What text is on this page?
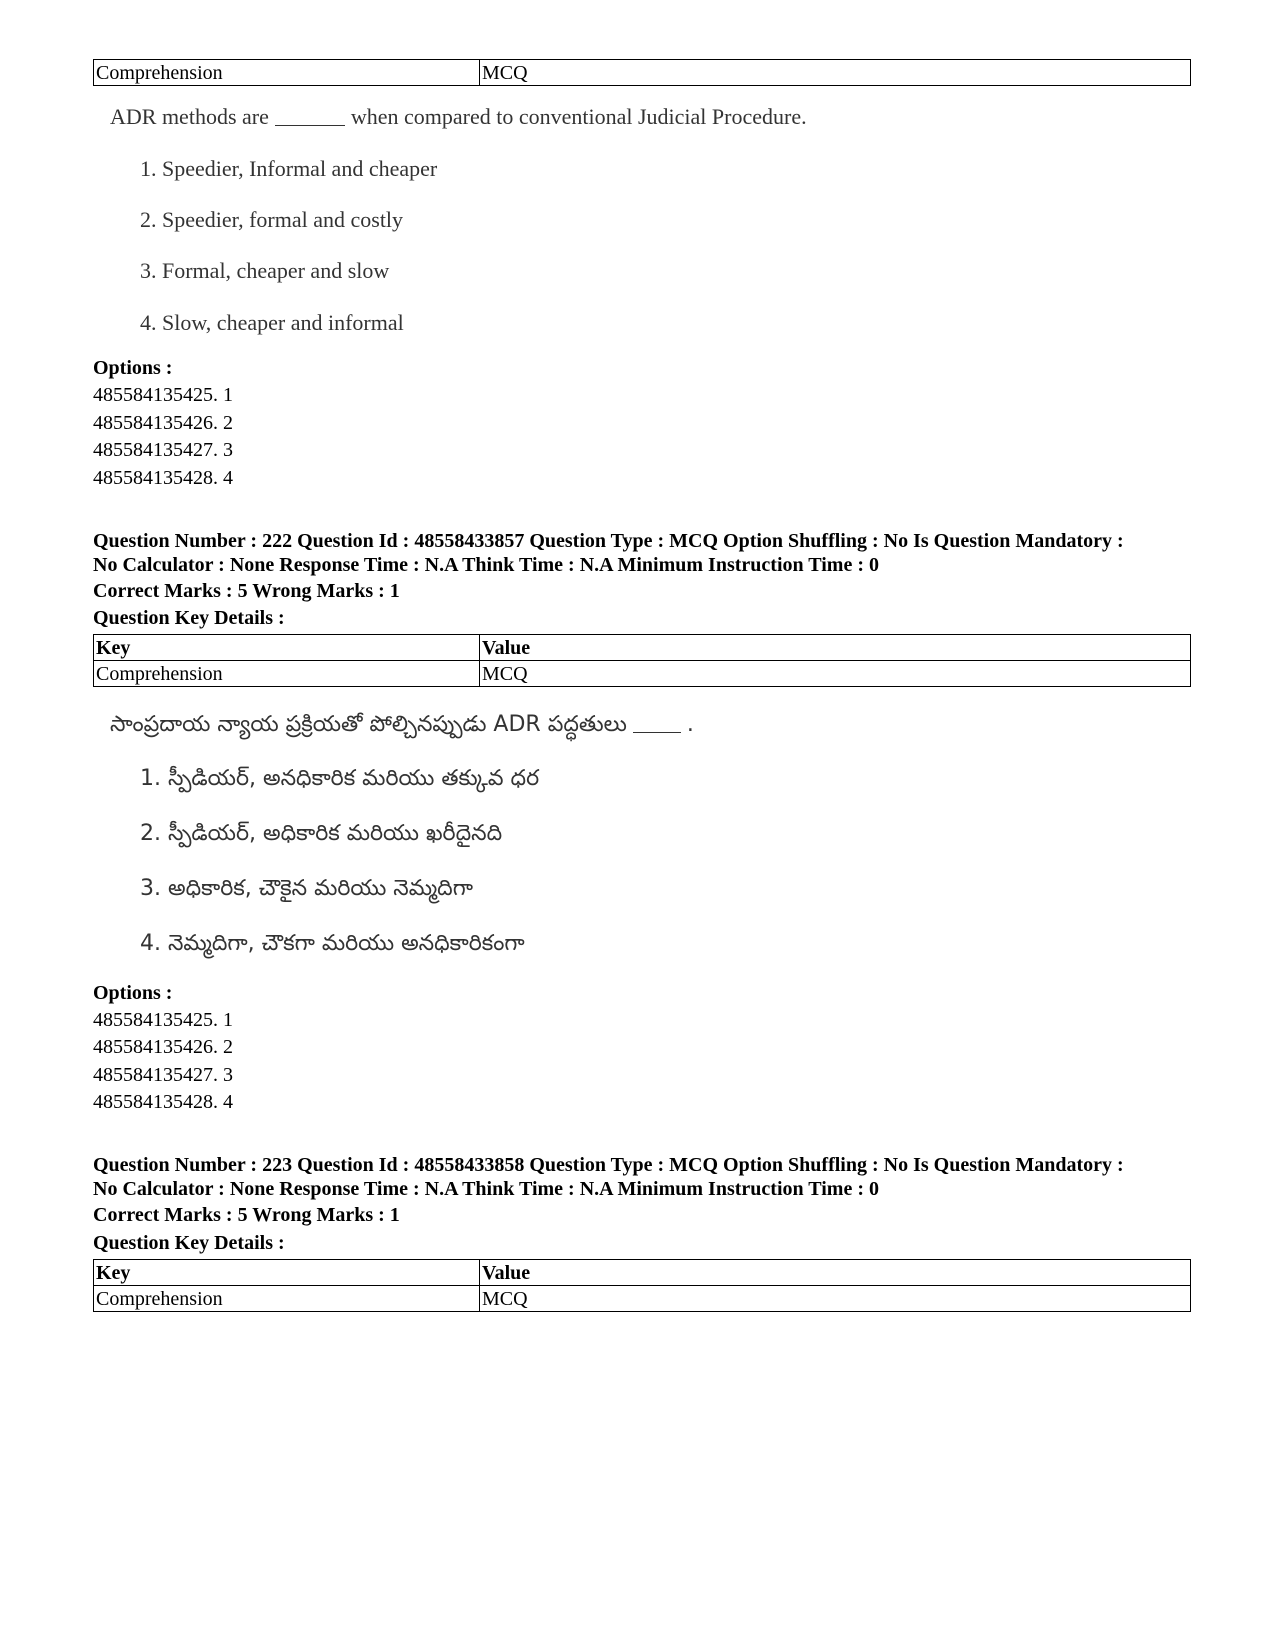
Comprehension	MCQ
ADR methods are	when compared to conventional Judicial Procedure.
1. Speedier, Informal and cheaper
2. Speedier, formal and costly
3. Formal, cheaper and slow
4. Slow, cheaper and informal
Options :
485584135425. 1
485584135426. 2
485584135427. 3
485584135428. 4
Question Number : 222 Question Id : 48558433857 Question Type : MCQ Option Shuffling : No Is Question Mandatory :
No Calculator : None Response Time : N.A Think Time : N.A Minimum Instruction Time : 0
Correct Marks : 5 Wrong Marks : 1
Question Key Details :
Key	Value
Comprehension	MCQ
సాంప్రదాయ న్యాయ ప్రక్రియతో పోల్చినప్పుడు ADR పద్ధతులు	.
1. స్పీడియర్, అనధికారిక మరియు తక్కువ ధర
2. స్పీడియర్, అధికారిక మరియు ఖరీదైనది
3. అధికారిక, చౌకైన మరియు నెమ్మదిగా
4. నెమ్మదిగా, చౌకగా మరియు అనధికారికంగా
Options :
485584135425. 1
485584135426. 2
485584135427. 3
485584135428. 4
Question Number : 223 Question Id : 48558433858 Question Type : MCQ Option Shuffling : No Is Question Mandatory :
No Calculator : None Response Time : N.A Think Time : N.A Minimum Instruction Time : 0
Correct Marks : 5 Wrong Marks : 1
Question Key Details :
Key	Value
Comprehension	MCQ
